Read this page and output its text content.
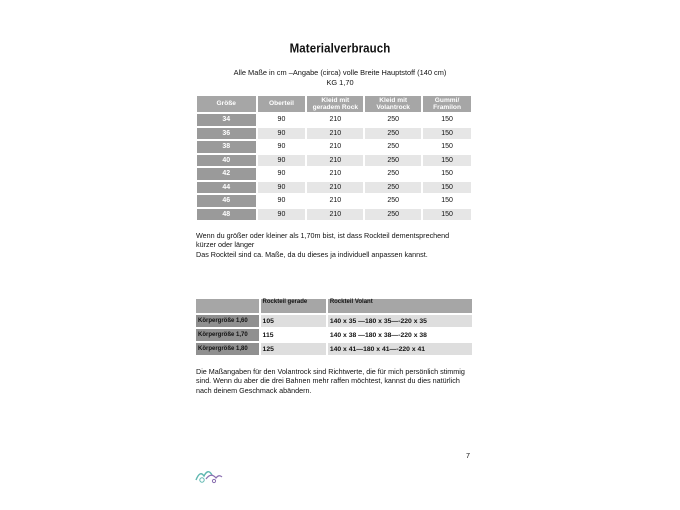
Materialverbrauch
Alle Maße in cm –Angabe (circa) volle Breite Hauptstoff (140 cm)
KG 1,70
Größe	Oberteil	Kleid mit geradem Rock	Kleid mit Volantrock	Gummi/ Framilon
34	90	210	250	150
36	90	210	250	150
38	90	210	250	150
40	90	210	250	150
42	90	210	250	150
44	90	210	250	150
46	90	210	250	150
48	90	210	250	150
Wenn du größer oder kleiner als 1,70m bist, ist dass Rockteil dementsprechend
kürzer oder länger
Das Rockteil sind ca. Maße, da du dieses ja individuell anpassen kannst.
	Rockteil gerade	Rockteil Volant
Körpergröße 1,60	105	140 x 35 —180 x 35—-220 x 35
Körpergröße 1,70	115	140 x 38 —180 x 38—-220 x 38
Körpergröße 1,80	125	140 x 41—180 x 41—-220 x 41
Die Maßangaben für den Volantrock sind Richtwerte, die für mich persönlich stimmig
sind. Wenn du aber die drei Bahnen mehr raffen möchtest, kannst du dies natürlich
nach deinem Geschmack abändern.
7
